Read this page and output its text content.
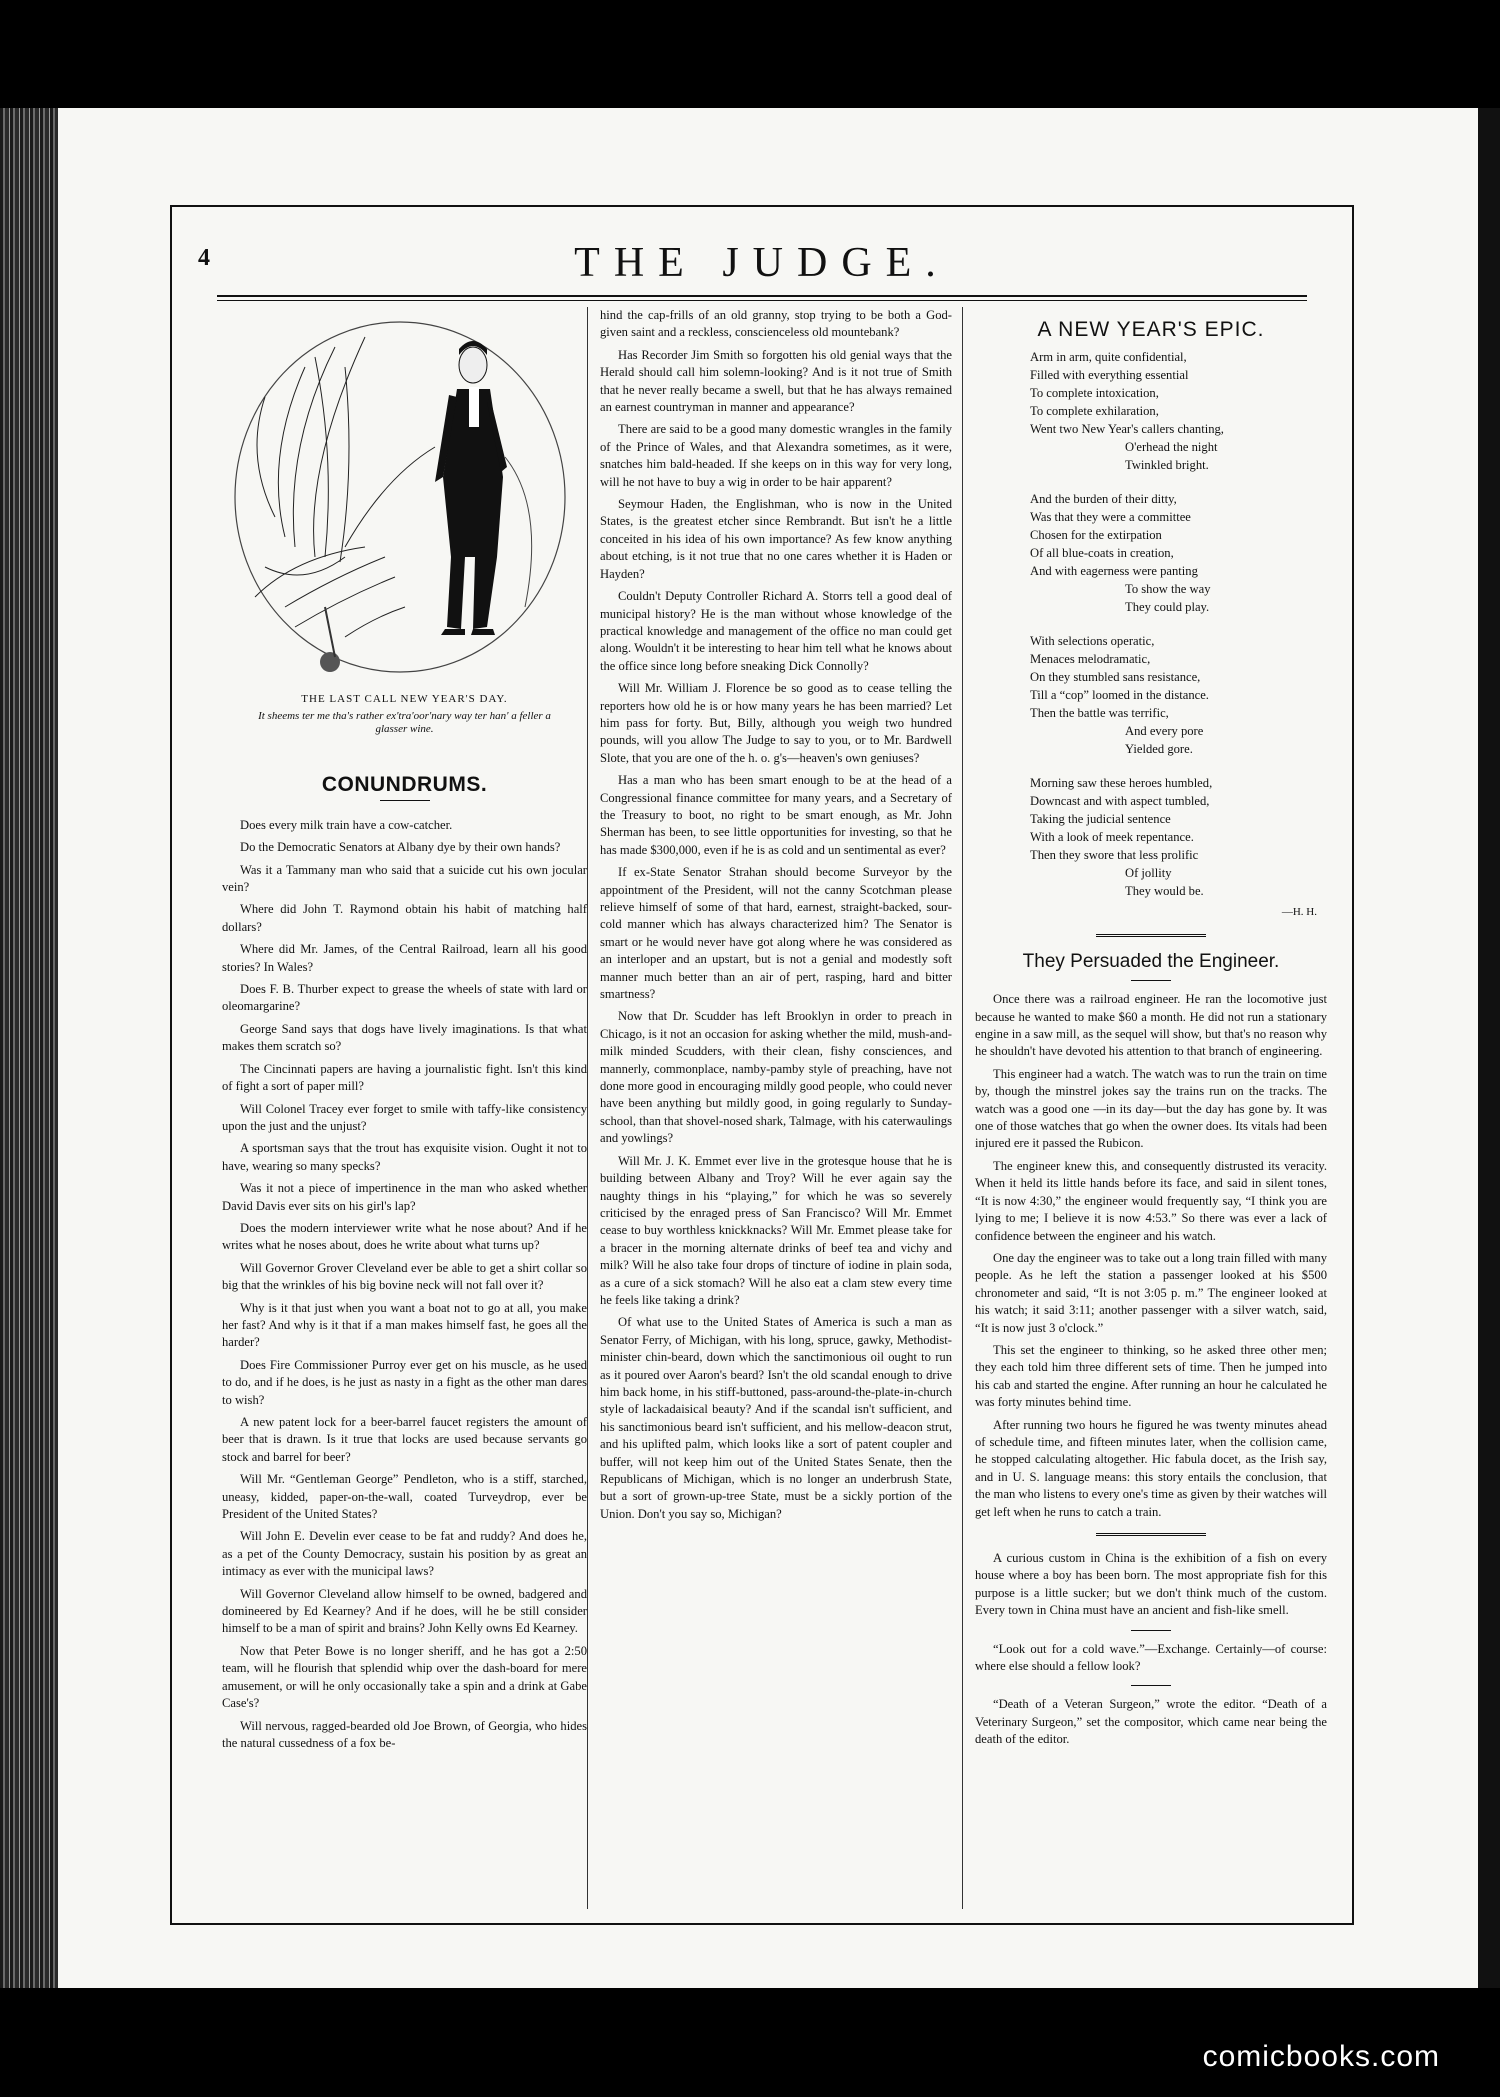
4	THE JUDGE.
THE LAST CALL NEW YEAR'S DAY.
It sheems ter me tha's rather ex'tra'oor'nary way ter han' a feller a glasser wine.
CONUNDRUMS.

Does every milk train have a cow-catcher.

Do the Democratic Senators at Albany dye by their own hands?

Was it a Tammany man who said that a suicide cut his own jocular vein?

Where did John T. Raymond obtain his habit of matching half dollars?

Where did Mr. James, of the Central Railroad, learn all his good stories? In Wales?

Does F. B. Thurber expect to grease the wheels of state with lard or oleomargarine?

George Sand says that dogs have lively imaginations. Is that what makes them scratch so?

The Cincinnati papers are having a journalistic fight. Isn't this kind of fight a sort of paper mill?

Will Colonel Tracey ever forget to smile with taffy-like consistency upon the just and the unjust?

A sportsman says that the trout has exquisite vision. Ought it not to have, wearing so many specks?

Was it not a piece of impertinence in the man who asked whether David Davis ever sits on his girl's lap?

Does the modern interviewer write what he nose about? And if he writes what he noses about, does he write about what turns up?

Will Governor Grover Cleveland ever be able to get a shirt collar so big that the wrinkles of his big bovine neck will not fall over it?

Why is it that just when you want a boat not to go at all, you make her fast? And why is it that if a man makes himself fast, he goes all the harder?

Does Fire Commissioner Purroy ever get on his muscle, as he used to do, and if he does, is he just as nasty in a fight as the other man dares to wish?

A new patent lock for a beer-barrel faucet registers the amount of beer that is drawn. Is it true that locks are used because servants go stock and barrel for beer?

Will Mr. “Gentleman George” Pendleton, who is a stiff, starched, uneasy, kidded, paper-on-the-wall, coated Turveydrop, ever be President of the United States?

Will John E. Develin ever cease to be fat and ruddy? And does he, as a pet of the County Democracy, sustain his position by as great an intimacy as ever with the municipal laws?

Will Governor Cleveland allow himself to be owned, badgered and domineered by Ed Kearney? And if he does, will he be still consider himself to be a man of spirit and brains? John Kelly owns Ed Kearney.

Now that Peter Bowe is no longer sheriff, and he has got a 2:50 team, will he flourish that splendid whip over the dash-board for mere amusement, or will he only occasionally take a spin and a drink at Gabe Case's?

Will nervous, ragged-bearded old Joe Brown, of Georgia, who hides the natural cussedness of a fox be-

hind the cap-frills of an old granny, stop trying to be both a God-given saint and a reckless, conscienceless old mountebank?

Has Recorder Jim Smith so forgotten his old genial ways that the Herald should call him solemn-looking? And is it not true of Smith that he never really became a swell, but that he has always remained an earnest countryman in manner and appearance?

There are said to be a good many domestic wrangles in the family of the Prince of Wales, and that Alexandra sometimes, as it were, snatches him bald-headed. If she keeps on in this way for very long, will he not have to buy a wig in order to be hair apparent?

Seymour Haden, the Englishman, who is now in the United States, is the greatest etcher since Rembrandt. But isn't he a little conceited in his idea of his own importance? As few know anything about etching, is it not true that no one cares whether it is Haden or Hayden?

Couldn't Deputy Controller Richard A. Storrs tell a good deal of municipal history? He is the man without whose knowledge of the practical knowledge and management of the office no man could get along. Wouldn't it be interesting to hear him tell what he knows about the office since long before sneaking Dick Connolly?

Will Mr. William J. Florence be so good as to cease telling the reporters how old he is or how many years he has been married? Let him pass for forty. But, Billy, although you weigh two hundred pounds, will you allow The Judge to say to you, or to Mr. Bardwell Slote, that you are one of the h. o. g's—heaven's own geniuses?

Has a man who has been smart enough to be at the head of a Congressional finance committee for many years, and a Secretary of the Treasury to boot, no right to be smart enough, as Mr. John Sherman has been, to see little opportunities for investing, so that he has made $300,000, even if he is as cold and un sentimental as ever?

If ex-State Senator Strahan should become Surveyor by the appointment of the President, will not the canny Scotchman please relieve himself of some of that hard, earnest, straight-backed, sour-cold manner which has always characterized him? The Senator is smart or he would never have got along where he was considered as an interloper and an upstart, but is not a genial and modestly soft manner much better than an air of pert, rasping, hard and bitter smartness?

Now that Dr. Scudder has left Brooklyn in order to preach in Chicago, is it not an occasion for asking whether the mild, mush-and-milk minded Scudders, with their clean, fishy consciences, and mannerly, commonplace, namby-pamby style of preaching, have not done more good in encouraging mildly good people, who could never have been anything but mildly good, in going regularly to Sunday-school, than that shovel-nosed shark, Talmage, with his caterwaulings and yowlings?

Will Mr. J. K. Emmet ever live in the grotesque house that he is building between Albany and Troy? Will he ever again say the naughty things in his “playing,” for which he was so severely criticised by the enraged press of San Francisco? Will Mr. Emmet cease to buy worthless knickknacks? Will Mr. Emmet please take for a bracer in the morning alternate drinks of beef tea and vichy and milk? Will he also take four drops of tincture of iodine in plain soda, as a cure of a sick stomach? Will he also eat a clam stew every time he feels like taking a drink?

Of what use to the United States of America is such a man as Senator Ferry, of Michigan, with his long, spruce, gawky, Methodist-minister chin-beard, down which the sanctimonious oil ought to run as it poured over Aaron's beard? Isn't the old scandal enough to drive him back home, in his stiff-buttoned, pass-around-the-plate-in-church style of lackadaisical beauty? And if the scandal isn't sufficient, and his sanctimonious beard isn't sufficient, and his mellow-deacon strut, and his uplifted palm, which looks like a sort of patent coupler and buffer, will not keep him out of the United States Senate, then the Republicans of Michigan, which is no longer an underbrush State, but a sort of grown-up-tree State, must be a sickly portion of the Union. Don't you say so, Michigan?

A NEW YEAR'S EPIC.
Arm in arm, quite confidential,
Filled with everything essential
To complete intoxication,
To complete exhilaration,
Went two New Year's callers chanting,
O'erhead the night
Twinkled bright.
And the burden of their ditty,
Was that they were a committee
Chosen for the extirpation
Of all blue-coats in creation,
And with eagerness were panting
To show the way
They could play.
With selections operatic,
Menaces melodramatic,
On they stumbled sans resistance,
Till a “cop” loomed in the distance.
Then the battle was terrific,
And every pore
Yielded gore.
Morning saw these heroes humbled,
Downcast and with aspect tumbled,
Taking the judicial sentence
With a look of meek repentance.
Then they swore that less prolific
Of jollity
They would be.
—H. H.
They Persuaded the Engineer.

Once there was a railroad engineer. He ran the locomotive just because he wanted to make $60 a month. He did not run a stationary engine in a saw mill, as the sequel will show, but that's no reason why he shouldn't have devoted his attention to that branch of engineering.

This engineer had a watch. The watch was to run the train on time by, though the minstrel jokes say the trains run on the tracks. The watch was a good one —in its day—but the day has gone by. It was one of those watches that go when the owner does. Its vitals had been injured ere it passed the Rubicon.

The engineer knew this, and consequently distrusted its veracity. When it held its little hands before its face, and said in silent tones, “It is now 4:30,” the engineer would frequently say, “I think you are lying to me; I believe it is now 4:53.” So there was ever a lack of confidence between the engineer and his watch.

One day the engineer was to take out a long train filled with many people. As he left the station a passenger looked at his $500 chronometer and said, “It is not 3:05 p. m.” The engineer looked at his watch; it said 3:11; another passenger with a silver watch, said, “It is now just 3 o'clock.”

This set the engineer to thinking, so he asked three other men; they each told him three different sets of time. Then he jumped into his cab and started the engine. After running an hour he calculated he was forty minutes behind time.

After running two hours he figured he was twenty minutes ahead of schedule time, and fifteen minutes later, when the collision came, he stopped calculating altogether. Hic fabula docet, as the Irish say, and in U. S. language means: this story entails the conclusion, that the man who listens to every one's time as given by their watches will get left when he runs to catch a train.

A curious custom in China is the exhibition of a fish on every house where a boy has been born. The most appropriate fish for this purpose is a little sucker; but we don't think much of the custom. Every town in China must have an ancient and fish-like smell.

“Look out for a cold wave.”—Exchange. Certainly—of course: where else should a fellow look?

“Death of a Veteran Surgeon,” wrote the editor. “Death of a Veterinary Surgeon,” set the compositor, which came near being the death of the editor.

comicbooks.com
